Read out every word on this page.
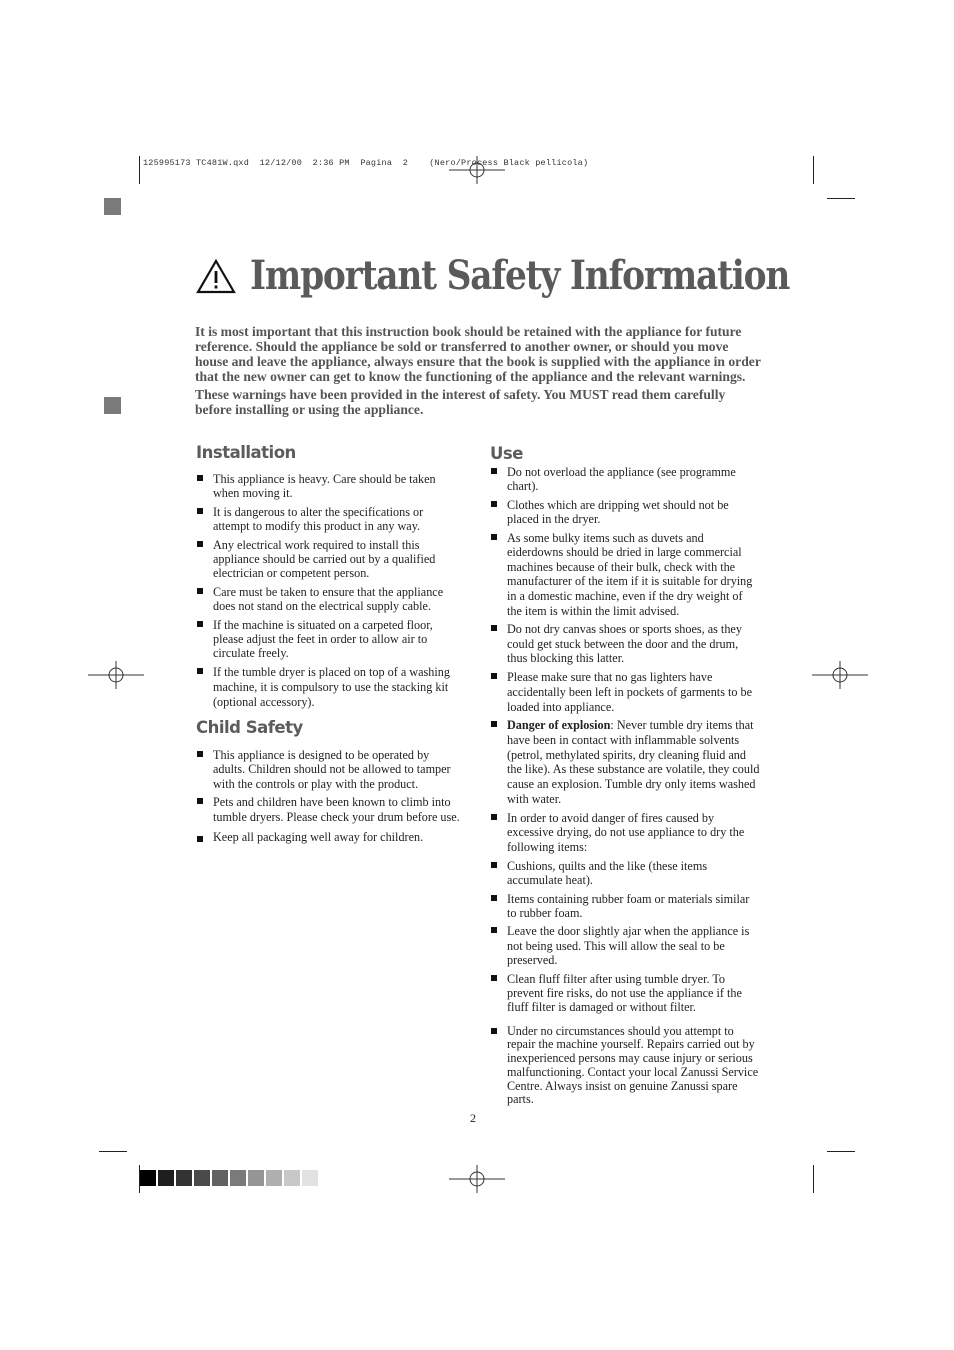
125995173 TC481W.qxd  12/12/00  2:36 PM  Pagina  2    (Nero/Process Black pellicola)
Important Safety Information

It is most important that this instruction book should be retained with the appliance for future reference. Should the appliance be sold or transferred to another owner, or should you move house and leave the appliance, always ensure that the book is supplied with the appliance in order that the new owner can get to know the functioning of the appliance and the relevant warnings.

These warnings have been provided in the interest of safety. You MUST read them carefully before installing or using the appliance.

Installation
This appliance is heavy. Care should be taken when moving it.
It is dangerous to alter the specifications or attempt to modify this product in any way.
Any electrical work required to install this appliance should be carried out by a qualified electrician or competent person.
Care must be taken to ensure that the appliance does not stand on the electrical supply cable.
If the machine is situated on a carpeted floor, please adjust the feet in order to allow air to circulate freely.
If the tumble dryer is placed on top of a washing machine, it is compulsory to use the stacking kit (optional accessory).
Child Safety
This appliance is designed to be operated by adults. Children should not be allowed to tamper with the controls or play with the product.
Pets and children have been known to climb into tumble dryers. Please check your drum before use.
Keep all packaging well away for children.
Use
Do not overload the appliance (see programme chart).
Clothes which are dripping wet should not be placed in the dryer.
As some bulky items such as duvets and eiderdowns should be dried in large commercial machines because of their bulk, check with the manufacturer of the item if it is suitable for drying in a domestic machine, even if the dry weight of the item is within the limit advised.
Do not dry canvas shoes or sports shoes, as they could get stuck between the door and the drum, thus blocking this latter.
Please make sure that no gas lighters have accidentally been left in pockets of garments to be loaded into appliance.
Danger of explosion: Never tumble dry items that have been in contact with inflammable solvents (petrol, methylated spirits, dry cleaning fluid and the like). As these substance are volatile, they could cause an explosion. Tumble dry only items washed with water.
In order to avoid danger of fires caused by excessive drying, do not use appliance to dry the following items:
Cushions, quilts and the like (these items accumulate heat).
Items containing rubber foam or materials similar to rubber foam.
Leave the door slightly ajar when the appliance is not being used. This will allow the seal to be preserved.
Clean fluff filter after using tumble dryer. To prevent fire risks, do not use the appliance if the fluff filter is damaged or without filter.
Under no circumstances should you attempt to repair the machine yourself. Repairs carried out by inexperienced persons may cause injury or serious malfunctioning. Contact your local Zanussi Service Centre. Always insist on genuine Zanussi spare parts.
2
